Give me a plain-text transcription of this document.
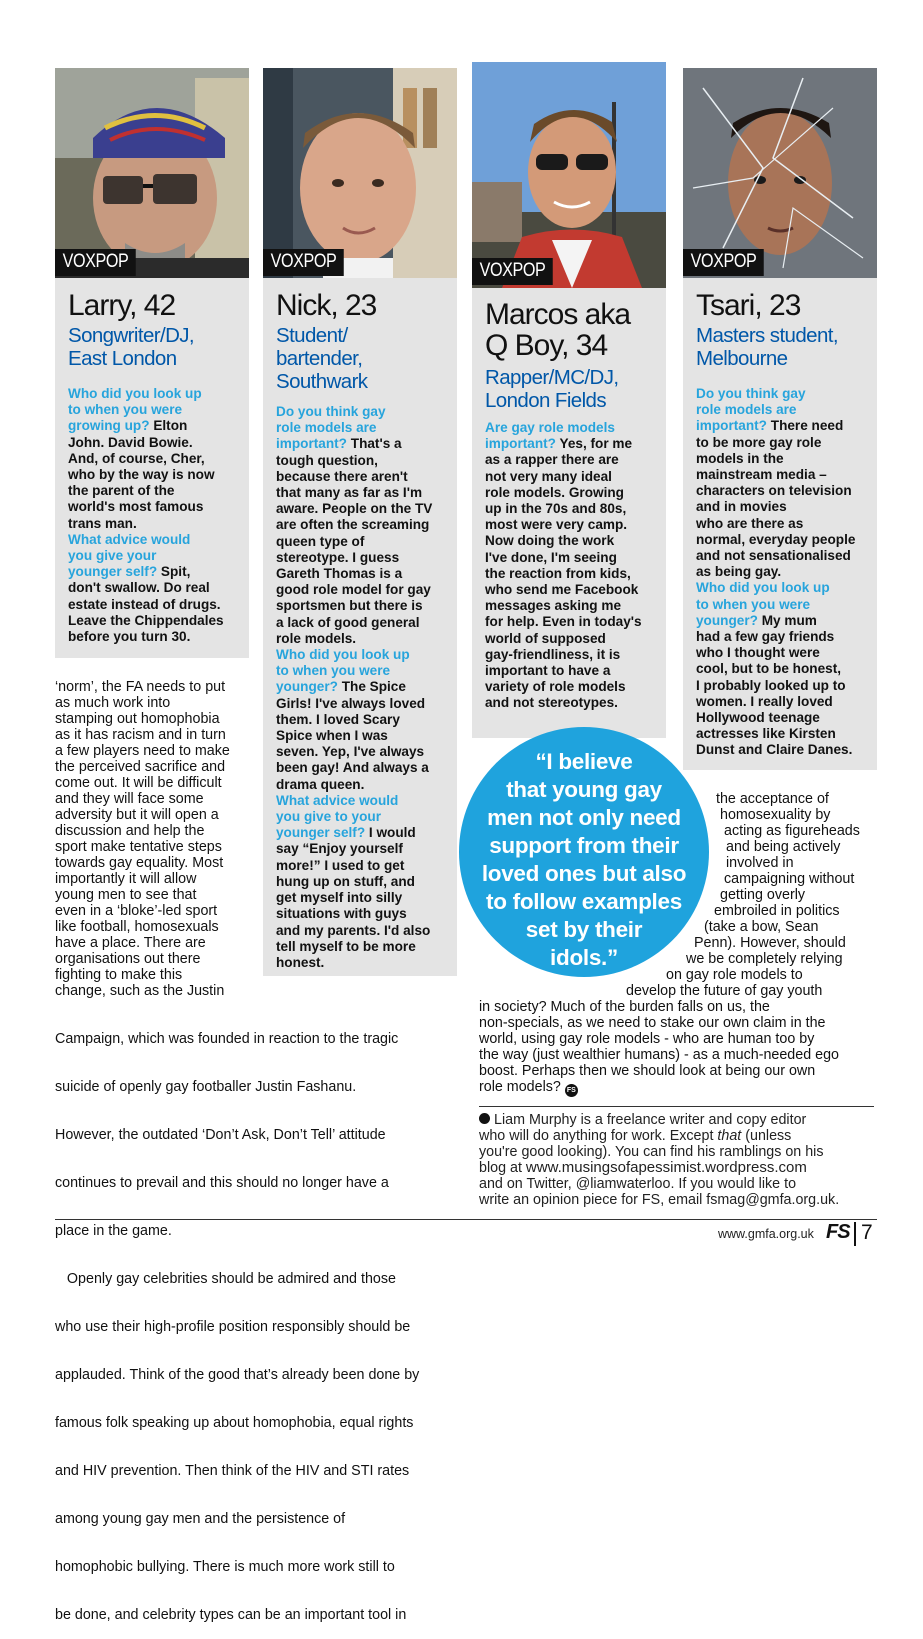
VOXPOP
Larry, 42
Songwriter/DJ,
East London
Who did you look up
to when you were
growing up? Elton
John. David Bowie.
And, of course, Cher,
who by the way is now
the parent of the
world's most famous
trans man.
What advice would
you give your
younger self? Spit,
don't swallow. Do real
estate instead of drugs.
Leave the Chippendales
before you turn 30.
VOXPOP
Nick, 23
Student/
bartender,
Southwark
Do you think gay
role models are
important? That's a
tough question,
because there aren't
that many as far as I'm
aware. People on the TV
are often the screaming
queen type of
stereotype. I guess
Gareth Thomas is a
good role model for gay
sportsmen but there is
a lack of good general
role models.
Who did you look up
to when you were
younger? The Spice
Girls! I've always loved
them. I loved Scary
Spice when I was
seven. Yep, I've always
been gay! And always a
drama queen.
What advice would
you give to your
younger self? I would
say “Enjoy yourself
more!” I used to get
hung up on stuff, and
get myself into silly
situations with guys
and my parents. I'd also
tell myself to be more
honest.
VOXPOP
Marcos aka
Q Boy, 34
Rapper/MC/DJ,
London Fields
Are gay role models
important? Yes, for me
as a rapper there are
not very many ideal
role models. Growing
up in the 70s and 80s,
most were very camp.
Now doing the work
I've done, I'm seeing
the reaction from kids,
who send me Facebook
messages asking me
for help. Even in today's
world of supposed
gay-friendliness, it is
important to have a
variety of role models
and not stereotypes.
VOXPOP
Tsari, 23
Masters student,
Melbourne
Do you think gay
role models are
important? There need
to be more gay role
models in the
mainstream media –
characters on television
and in movies
who are there as
normal, everyday people
and not sensationalised
as being gay.
Who did you look up
to when you were
younger? My mum
had a few gay friends
who I thought were
cool, but to be honest,
I probably looked up to
women. I really loved
Hollywood teenage
actresses like Kirsten
Dunst and Claire Danes.

‘norm’, the FA needs to put

as much work into

stamping out homophobia

as it has racism and in turn

a few players need to make

the perceived sacrifice and

come out. It will be difficult

and they will face some

adversity but it will open a

discussion and help the

sport make tentative steps

towards gay equality. Most

importantly it will allow

young men to see that

even in a ‘bloke’-led sport

like football, homosexuals

have a place. There are

organisations out there

fighting to make this

change, such as the Justin

Campaign, which was founded in reaction to the tragic

suicide of openly gay footballer Justin Fashanu.

However, the outdated ‘Don’t Ask, Don’t Tell’ attitude

continues to prevail and this should no longer have a

place in the game.

Openly gay celebrities should be admired and those

who use their high-profile position responsibly should be

applauded. Think of the good that’s already been done by

famous folk speaking up about homophobia, equal rights

and HIV prevention. Then think of the HIV and STI rates

among young gay men and the persistence of

homophobic bullying. There is much more work still to

be done, and celebrity types can be an important tool in

“I believe
that young gay
men not only need
support from their
loved ones but also
to follow examples
set by their
idols.”

the acceptance of

homosexuality by

acting as figureheads

and being actively

involved in

campaigning without

getting overly

embroiled in politics

(take a bow, Sean

Penn). However, should

we be completely relying

on gay role models to

develop the future of gay youth

in society? Much of the burden falls on us, the

non-specials, as we need to stake our own claim in the

world, using gay role models - who are human too by

the way (just wealthier humans) - as a much-needed ego

boost. Perhaps then we should look at being our own

role models? FS

Liam Murphy is a freelance writer and copy editor
who will do anything for work. Except that (unless
you're good looking). You can find his ramblings on his
blog at www.musingsofapessimist.wordpress.com
and on Twitter, @liamwaterloo. If you would like to
write an opinion piece for FS, email fsmag@gmfa.org.uk.
www.gmfa.org.uk FS 7
